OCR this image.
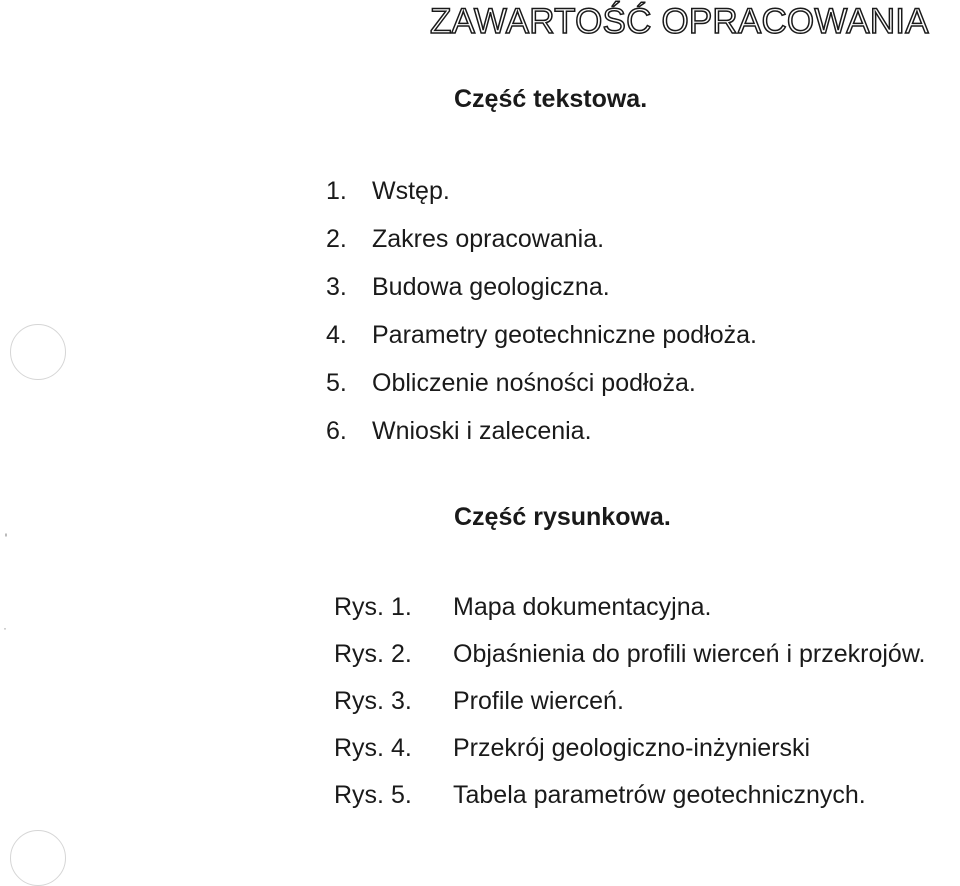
ZAWARTOŚĆ OPRACOWANIA
Część tekstowa.
1.	Wstęp.
2.	Zakres opracowania.
3.	Budowa geologiczna.
4.	Parametry geotechniczne podłoża.
5.	Obliczenie nośności podłoża.
6.	Wnioski i zalecenia.
Część rysunkowa.
Rys. 1.	Mapa dokumentacyjna.
Rys. 2.	Objaśnienia do profili wierceń i przekrojów.
Rys. 3.	Profile wierceń.
Rys. 4.	Przekrój geologiczno-inżynierski
Rys. 5.	Tabela parametrów geotechnicznych.
ˈ
·
